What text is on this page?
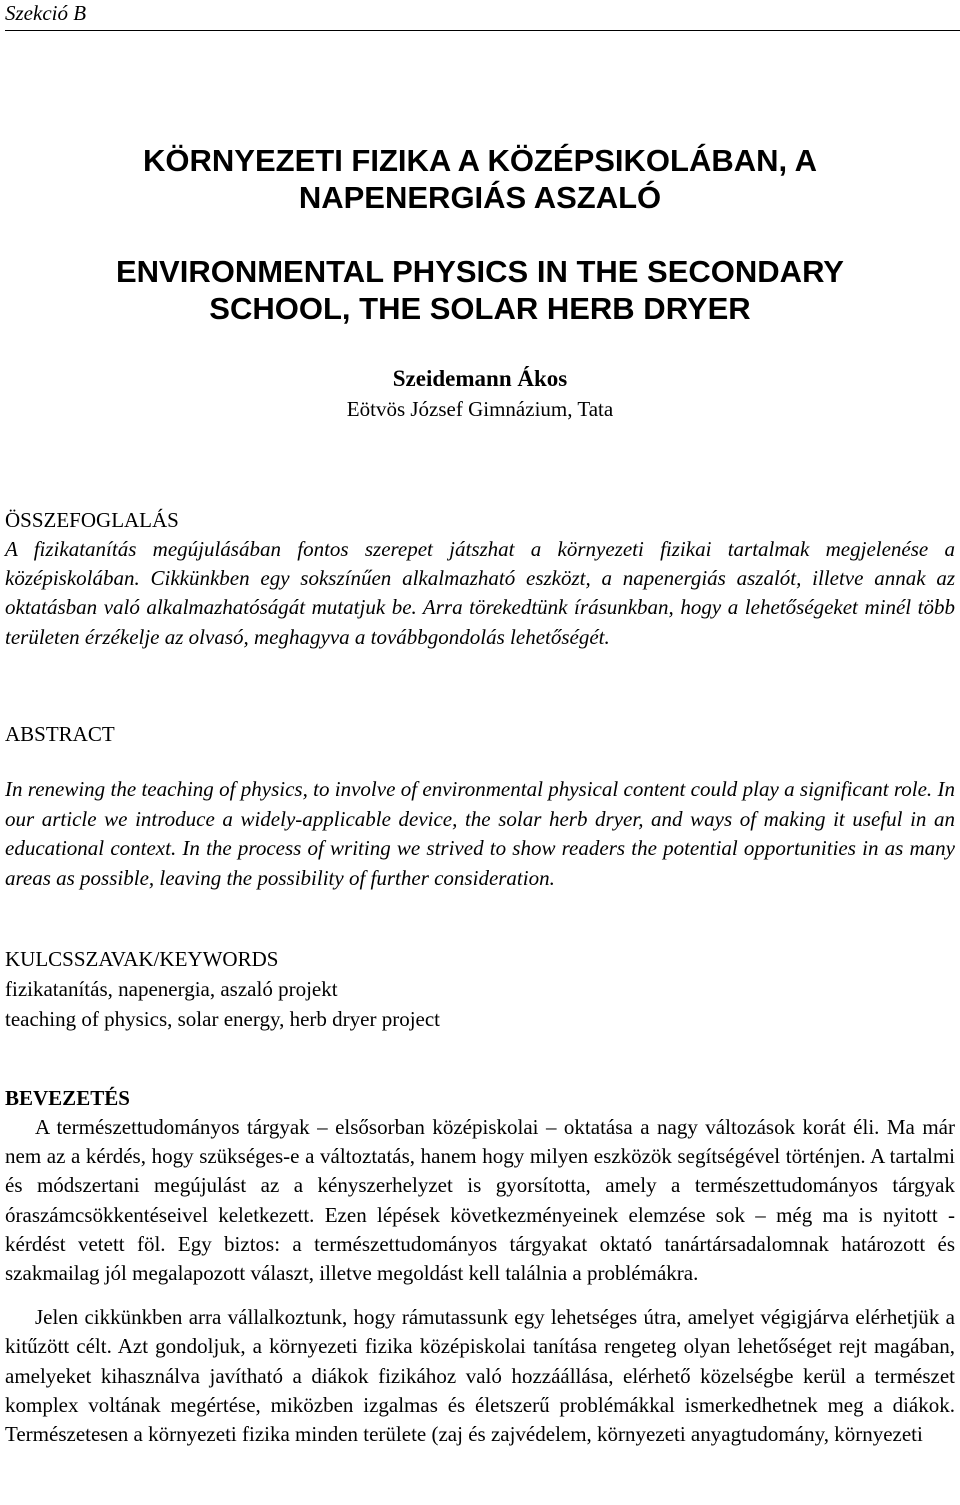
Szekció B
KÖRNYEZETI FIZIKA A KÖZÉPSIKOLÁBAN, A NAPENERGIÁS ASZALÓ
ENVIRONMENTAL PHYSICS IN THE SECONDARY SCHOOL, THE SOLAR HERB DRYER
Szeidemann Ákos
Eötvös József Gimnázium, Tata
ÖSSZEFOGLALÁS

A fizikatanítás megújulásában fontos szerepet játszhat a környezeti fizikai tartalmak megjelenése a középiskolában. Cikkünkben egy sokszínűen alkalmazható eszközt, a napenergiás aszalót, illetve annak az oktatásban való alkalmazhatóságát mutatjuk be. Arra törekedtünk írásunkban, hogy a lehetőségeket minél több területen érzékelje az olvasó, meghagyva a továbbgondolás lehetőségét.

ABSTRACT

In renewing the teaching of physics, to involve of environmental physical content could play a significant role. In our article we introduce a widely-applicable device, the solar herb dryer, and ways of making it useful in an educational context. In the process of writing we strived to show readers the potential opportunities in as many areas as possible, leaving the possibility of further consideration.

KULCSSZAVAK/KEYWORDS
fizikatanítás, napenergia, aszaló projekt
teaching of physics, solar energy, herb dryer project
BEVEZETÉS

A természettudományos tárgyak – elsősorban középiskolai – oktatása a nagy változások korát éli. Ma már nem az a kérdés, hogy szükséges-e a változtatás, hanem hogy milyen eszközök segítségével történjen. A tartalmi és módszertani megújulást az a kényszerhelyzet is gyorsította, amely a természettudományos tárgyak óraszámcsökkentéseivel keletkezett. Ezen lépések következményeinek elemzése sok – még ma is nyitott - kérdést vetett föl. Egy biztos: a természettudományos tárgyakat oktató tanártársadalomnak határozott és szakmailag jól megalapozott választ, illetve megoldást kell találnia a problémákra.

Jelen cikkünkben arra vállalkoztunk, hogy rámutassunk egy lehetséges útra, amelyet végigjárva elérhetjük a kitűzött célt. Azt gondoljuk, a környezeti fizika középiskolai tanítása rengeteg olyan lehetőséget rejt magában, amelyeket kihasználva javítható a diákok fizikához való hozzáállása, elérhető közelségbe kerül a természet komplex voltának megértése, miközben izgalmas és életszerű problémákkal ismerkedhetnek meg a diákok. Természetesen a környezeti fizika minden területe (zaj és zajvédelem, környezeti anyagtudomány, környezeti
